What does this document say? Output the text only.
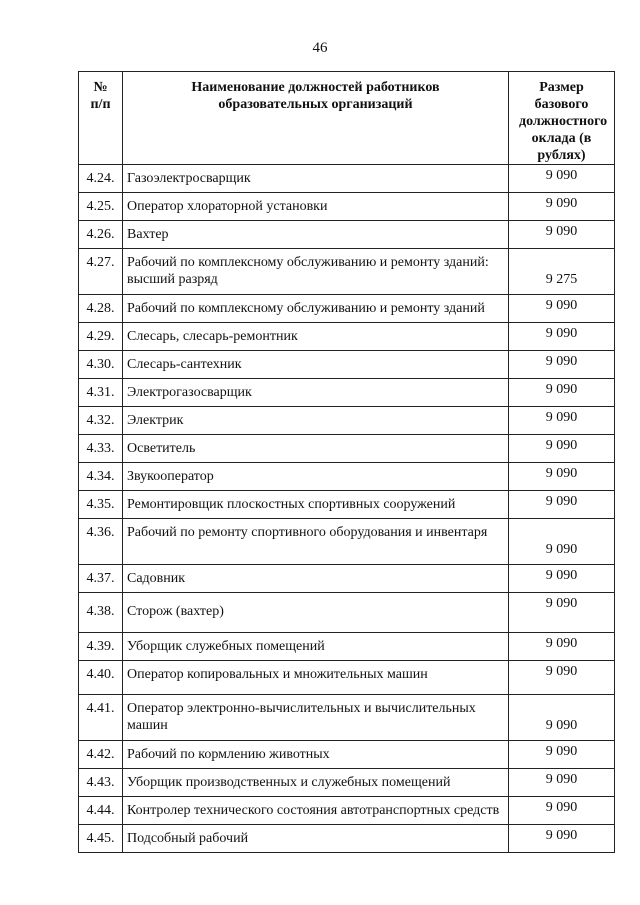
46
№ п/п	Наименование должностей работников образовательных организаций	Размер базового должностного оклада (в рублях)
4.24.	Газоэлектросварщик	9 090
4.25.	Оператор хлораторной установки	9 090
4.26.	Вахтер	9 090
4.27.	Рабочий по комплексному обслуживанию и ремонту зданий: высший разряд	9 275
4.28.	Рабочий по комплексному обслуживанию и ремонту зданий	9 090
4.29.	Слесарь, слесарь-ремонтник	9 090
4.30.	Слесарь-сантехник	9 090
4.31.	Электрогазосварщик	9 090
4.32.	Электрик	9 090
4.33.	Осветитель	9 090
4.34.	Звукооператор	9 090
4.35.	Ремонтировщик плоскостных спортивных сооружений	9 090
4.36.	Рабочий по ремонту спортивного оборудования и инвентаря	9 090
4.37.	Садовник	9 090
4.38.	Сторож (вахтер)	9 090
4.39.	Уборщик служебных помещений	9 090
4.40.	Оператор копировальных и множительных машин	9 090
4.41.	Оператор электронно-вычислительных и вычислительных машин	9 090
4.42.	Рабочий по кормлению животных	9 090
4.43.	Уборщик производственных и служебных помещений	9 090
4.44.	Контролер технического состояния автотранспортных средств	9 090
4.45.	Подсобный рабочий	9 090
